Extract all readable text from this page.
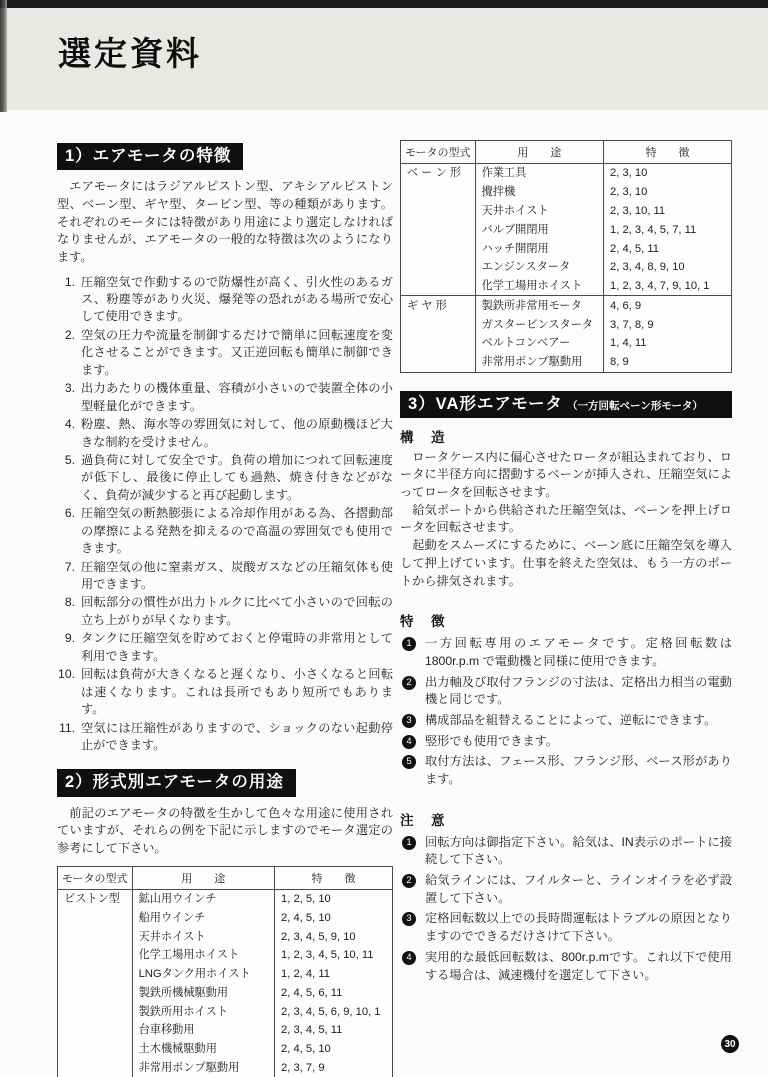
選定資料
1）エアモータの特徴

エアモータにはラジアルピストン型、アキシアルピストン型、ベーン型、ギヤ型、タービン型、等の種類があります。それぞれのモータには特徴があり用途により選定しなければなりませんが、エアモータの一般的な特徴は次のようになります。

1. 圧縮空気で作動するので防爆性が高く、引火性のあるガス、粉塵等があり火災、爆発等の恐れがある場所で安心して使用できます。
2. 空気の圧力や流量を制御するだけで簡単に回転速度を変化させることができます。又正逆回転も簡単に制御できます。
3. 出力あたりの機体重量、容積が小さいので装置全体の小型軽量化ができます。
4. 粉塵、熱、海水等の雰囲気に対して、他の原動機ほど大きな制約を受けません。
5. 過負荷に対して安全です。負荷の増加につれて回転速度が低下し、最後に停止しても過熱、焼き付きなどがなく、負荷が減少すると再び起動します。
6. 圧縮空気の断熱膨張による冷却作用がある為、各摺動部の摩擦による発熱を抑えるので高温の雰囲気でも使用できます。
7. 圧縮空気の他に窒素ガス、炭酸ガスなどの圧縮気体も使用できます。
8. 回転部分の慣性が出力トルクに比べて小さいので回転の立ち上がりが早くなります。
9. タンクに圧縮空気を貯めておくと停電時の非常用として利用できます。
10. 回転は負荷が大きくなると遅くなり、小さくなると回転は速くなります。これは長所でもあり短所でもあります。
11. 空気には圧縮性がありますので、ショックのない起動停止ができます。
2）形式別エアモータの用途

前記のエアモータの特徴を生かして色々な用途に使用されていますが、それらの例を下記に示しますのでモータ選定の参考にして下さい。

モータの型式	用　　途	特　　徴
ピストン型	鉱山用ウインチ	1, 2, 5, 10
	船用ウインチ	2, 4, 5, 10
	天井ホイスト	2, 3, 4, 5, 9, 10
	化学工場用ホイスト	1, 2, 3, 4, 5, 10, 11
	LNGタンク用ホイスト	1, 2, 4, 11
	製鉄所機械駆動用	2, 4, 5, 6, 11
	製鉄所用ホイスト	2, 3, 4, 5, 6, 9, 10, 1
	台車移動用	2, 3, 4, 5, 11
	土木機械駆動用	2, 4, 5, 10
	非常用ポンプ駆動用	2, 3, 7, 9
モータの型式	用　　途	特　　徴
ベ ー ン 形	作業工具	2, 3, 10
	攪拌機	2, 3, 10
	天井ホイスト	2, 3, 10, 11
	バルブ開閉用	1, 2, 3, 4, 5, 7, 11
	ハッチ開閉用	2, 4, 5, 11
	エンジンスタータ	2, 3, 4, 8, 9, 10
	化学工場用ホイスト	1, 2, 3, 4, 7, 9, 10, 1
ギ ヤ 形	製鉄所非常用モータ	4, 6, 9
	ガスタービンスタータ	3, 7, 8, 9
	ベルトコンベアー	1, 4, 11
	非常用ポンプ駆動用	8, 9
3）VA形エアモータ （一方回転ベーン形モータ）
構　造

ロータケース内に偏心させたロータが組込まれており、ロータに半径方向に摺動するベーンが挿入され、圧縮空気によってロータを回転させます。

給気ポートから供給された圧縮空気は、ベーンを押上げロータを回転させます。

起動をスムーズにするために、ベーン底に圧縮空気を導入して押上げています。仕事を終えた空気は、もう一方のポートから排気されます。

特　徴
1	一方回転専用のエアモータです。定格回転数は1800r.p.m で電動機と同様に使用できます。
2	出力軸及び取付フランジの寸法は、定格出力相当の電動機と同じです。
3	構成部品を組替えることによって、逆転にできます。
4	竪形でも使用できます。
5	取付方法は、フェース形、フランジ形、ベース形があります。
注　意
1	回転方向は御指定下さい。給気は、IN表示のポートに接続して下さい。
2	給気ラインには、フイルターと、ラインオイラを必ず設置して下さい。
3	定格回転数以上での長時間運転はトラブルの原因となりますのでできるだけさけて下さい。
4	実用的な最低回転数は、800r.p.mです。これ以下で使用する場合は、減速機付を選定して下さい。
30
